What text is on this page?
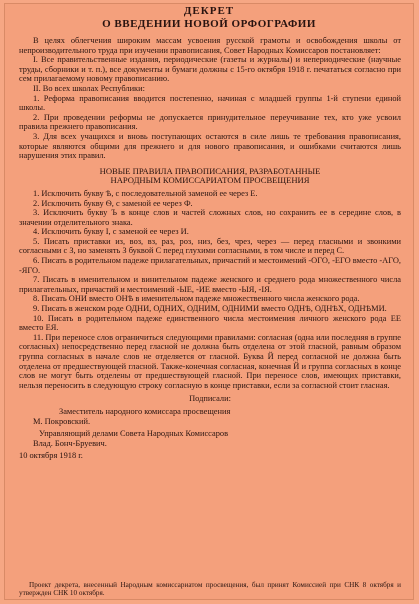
ДЕКРЕТ
О ВВЕДЕНИИ НОВОЙ ОРФОГРАФИИ

В целях облегчения широким массам усвоения русской грамоты и освобождения школы от непроизводительного труда при изучении правописания, Совет Народных Комиссаров постановляет:

I. Все правительственные издания, периодические (газеты и журналы) и непериодические (научные труды, сборники и т. п.), все документы и бумаги должны с 15-го октября 1918 г. печататься согласно при сем прилагаемому новому правописанию.

II. Во всех школах Республики:

1. Реформа правописания вводится постепенно, начиная с младшей группы 1-й ступени единой школы.

2. При проведении реформы не допускается принудительное переучивание тех, кто уже усвоил правила прежнего правописания.

3. Для всех учащихся и вновь поступающих остаются в силе лишь те требования правописания, которые являются общими для прежнего и для нового правописания, и ошибками считаются лишь нарушения этих правил.

НОВЫЕ ПРАВИЛА ПРАВОПИСАНИЯ, РАЗРАБОТАННЫЕ
НАРОДНЫМ КОМИССАРИАТОМ ПРОСВЕЩЕНИЯ

1. Исключить букву Ѣ, с последовательной заменой ее через Е.

2. Исключить букву Ѳ, с заменой ее через Ф.

3. Исключить букву Ъ в конце слов и частей сложных слов, но сохранить ее в середине слов, в значении отделительного знака.

4. Исключить букву І, с заменой ее через И.

5. Писать приставки из, воз, вз, раз, роз, низ, без, чрез, через — перед гласными и звонкими согласными с З, но заменять З буквой С перед глухими согласными, в том числе и перед С.

6. Писать в родительном падеже прилагательных, причастий и местоимений -ОГО, -ЕГО вместо -АГО, -ЯГО.

7. Писать в именительном и винительном падеже женского и среднего рода множественного числа прилагательных, причастий и местоимений -ЫЕ, -ИЕ вместо -ЫЯ, -ІЯ.

8. Писать ОНИ вместо ОНѢ в именительном падеже множественного числа женского рода.

9. Писать в женском роде ОДНИ, ОДНИХ, ОДНИМ, ОДНИМИ вместо ОДНѢ, ОДНѢХ, ОДНѢМИ.

10. Писать в родительном падеже единственного числа местоимения личного женского рода ЕЕ вместо ЕЯ.

11. При переносе слов ограничиться следующими правилами: согласная (одна или последняя в группе согласных) непосредственно перед гласной не должна быть отделена от этой гласной, равным образом группа согласных в начале слов не отделяется от гласной. Буква Й перед согласной не должна быть отделена от предшествующей гласной. Также-конечная согласная, конечная Й и группа согласных в конце слов не могут быть отделены от предшествующей гласной. При переносе слов, имеющих приставки, нельзя переносить в следующую строку согласную в конце приставки, если за согласной стоит гласная.

Подписали:

Заместитель народного комиссара просвещения

М. Покровский.

Управляющий делами Совета Народных Комиссаров

Влад. Бонч-Бруевич.

10 октября 1918 г.

Проект декрета, внесенный Народным комиссариатом просвещения, был принят Комиссией при СНК 8 октября и утвержден СНК 10 октября.
